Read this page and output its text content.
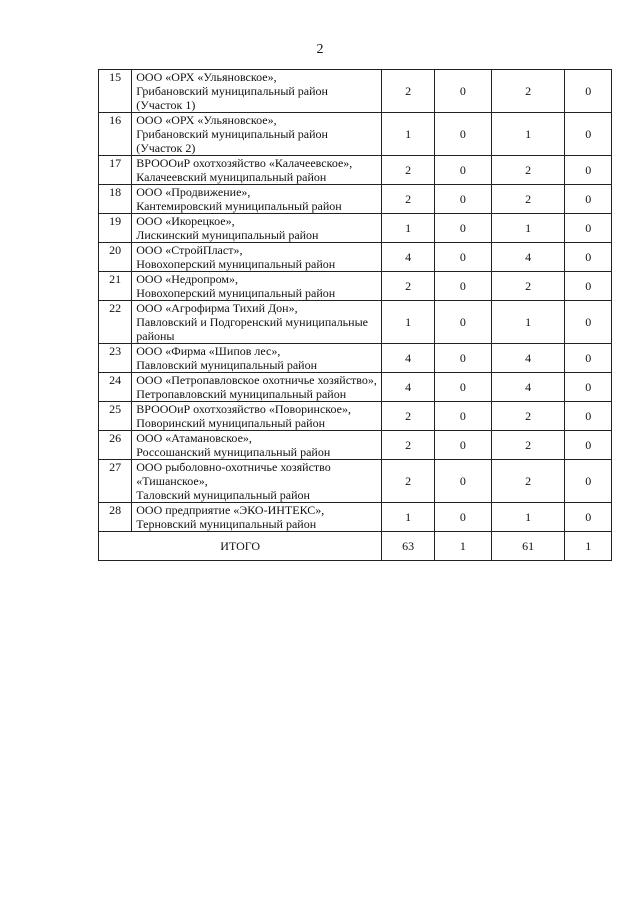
2
15	ООО «ОРХ «Ульяновское»,
Грибановский муниципальный район
(Участок 1)	2	0	2	0
16	ООО «ОРХ «Ульяновское»,
Грибановский муниципальный район
(Участок 2)	1	0	1	0
17	ВРОООиР охотхозяйство «Калачеевское»,
Калачеевский муниципальный район	2	0	2	0
18	ООО «Продвижение»,
Кантемировский муниципальный район	2	0	2	0
19	ООО «Икорецкое»,
Лискинский муниципальный район	1	0	1	0
20	ООО «СтройПласт»,
Новохоперский муниципальный район	4	0	4	0
21	ООО «Недропром»,
Новохоперский муниципальный район	2	0	2	0
22	ООО «Агрофирма Тихий Дон»,
Павловский и Подгоренский муниципальные
районы	1	0	1	0
23	ООО «Фирма «Шипов лес»,
Павловский муниципальный район	4	0	4	0
24	ООО «Петропавловское охотничье хозяйство»,
Петропавловский муниципальный район	4	0	4	0
25	ВРОООиР охотхозяйство «Поворинское»,
Поворинский муниципальный район	2	0	2	0
26	ООО «Атамановское»,
Россошанский муниципальный район	2	0	2	0
27	ООО рыболовно-охотничье хозяйство
«Тишанское»,
Таловский муниципальный район	2	0	2	0
28	ООО предприятие «ЭКО-ИНТЕКС»,
Терновский муниципальный район	1	0	1	0
ИТОГО		63	1	61	1
